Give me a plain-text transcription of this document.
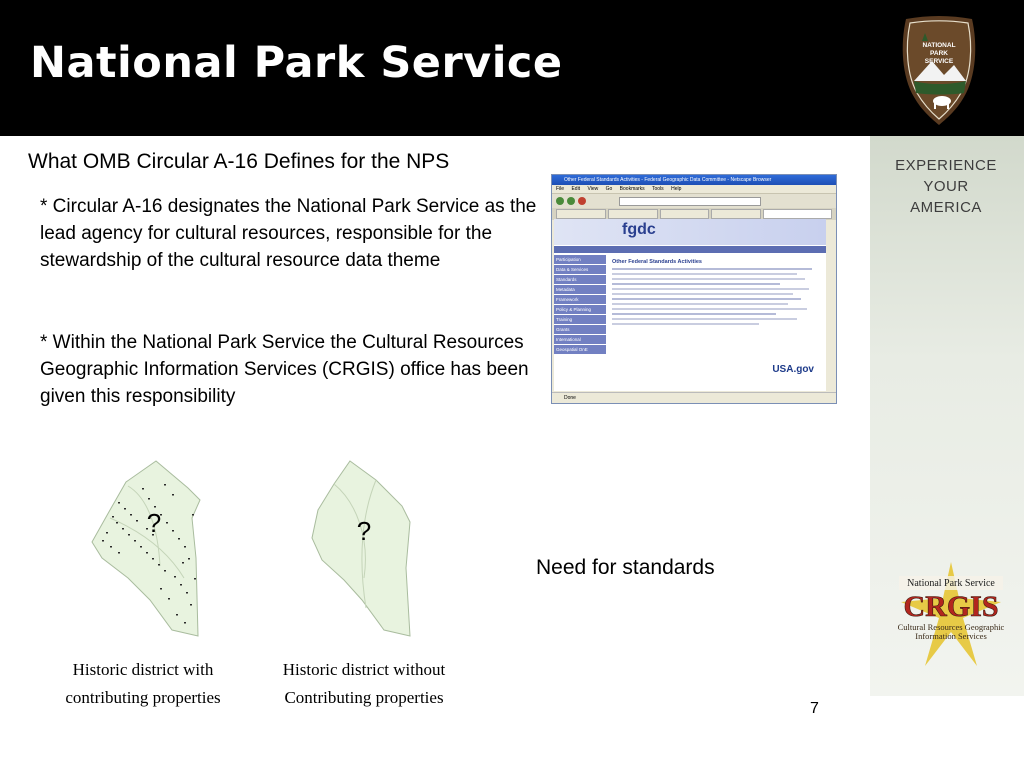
National Park Service	NATIONAL
PARK
SERVICE
EXPERIENCE
YOUR
AMERICA
National Park Service
CRGIS
Cultural Resources Geographic
Information Services
What OMB Circular A-16 Defines for the NPS
* Circular A-16 designates the National Park Service as the lead agency for cultural resources, responsible for the stewardship of the cultural resource data theme
* Within the National Park Service the Cultural Resources Geographic Information Services (CRGIS) office has been given this responsibility
Other Federal Standards Activities - Federal Geographic Data Committee - Netscape Browser
File Edit View Go Bookmarks Tools Help
fgdc
Participation
Data & Services
Standards
Metadata
Framework
Policy & Planning
Training
Grants
International
Geospatial OnE
Other Federal Standards Activities
USA.gov
Done
?	?
Historic district with
contributing properties
Historic district without
Contributing properties
Need for standards
7
